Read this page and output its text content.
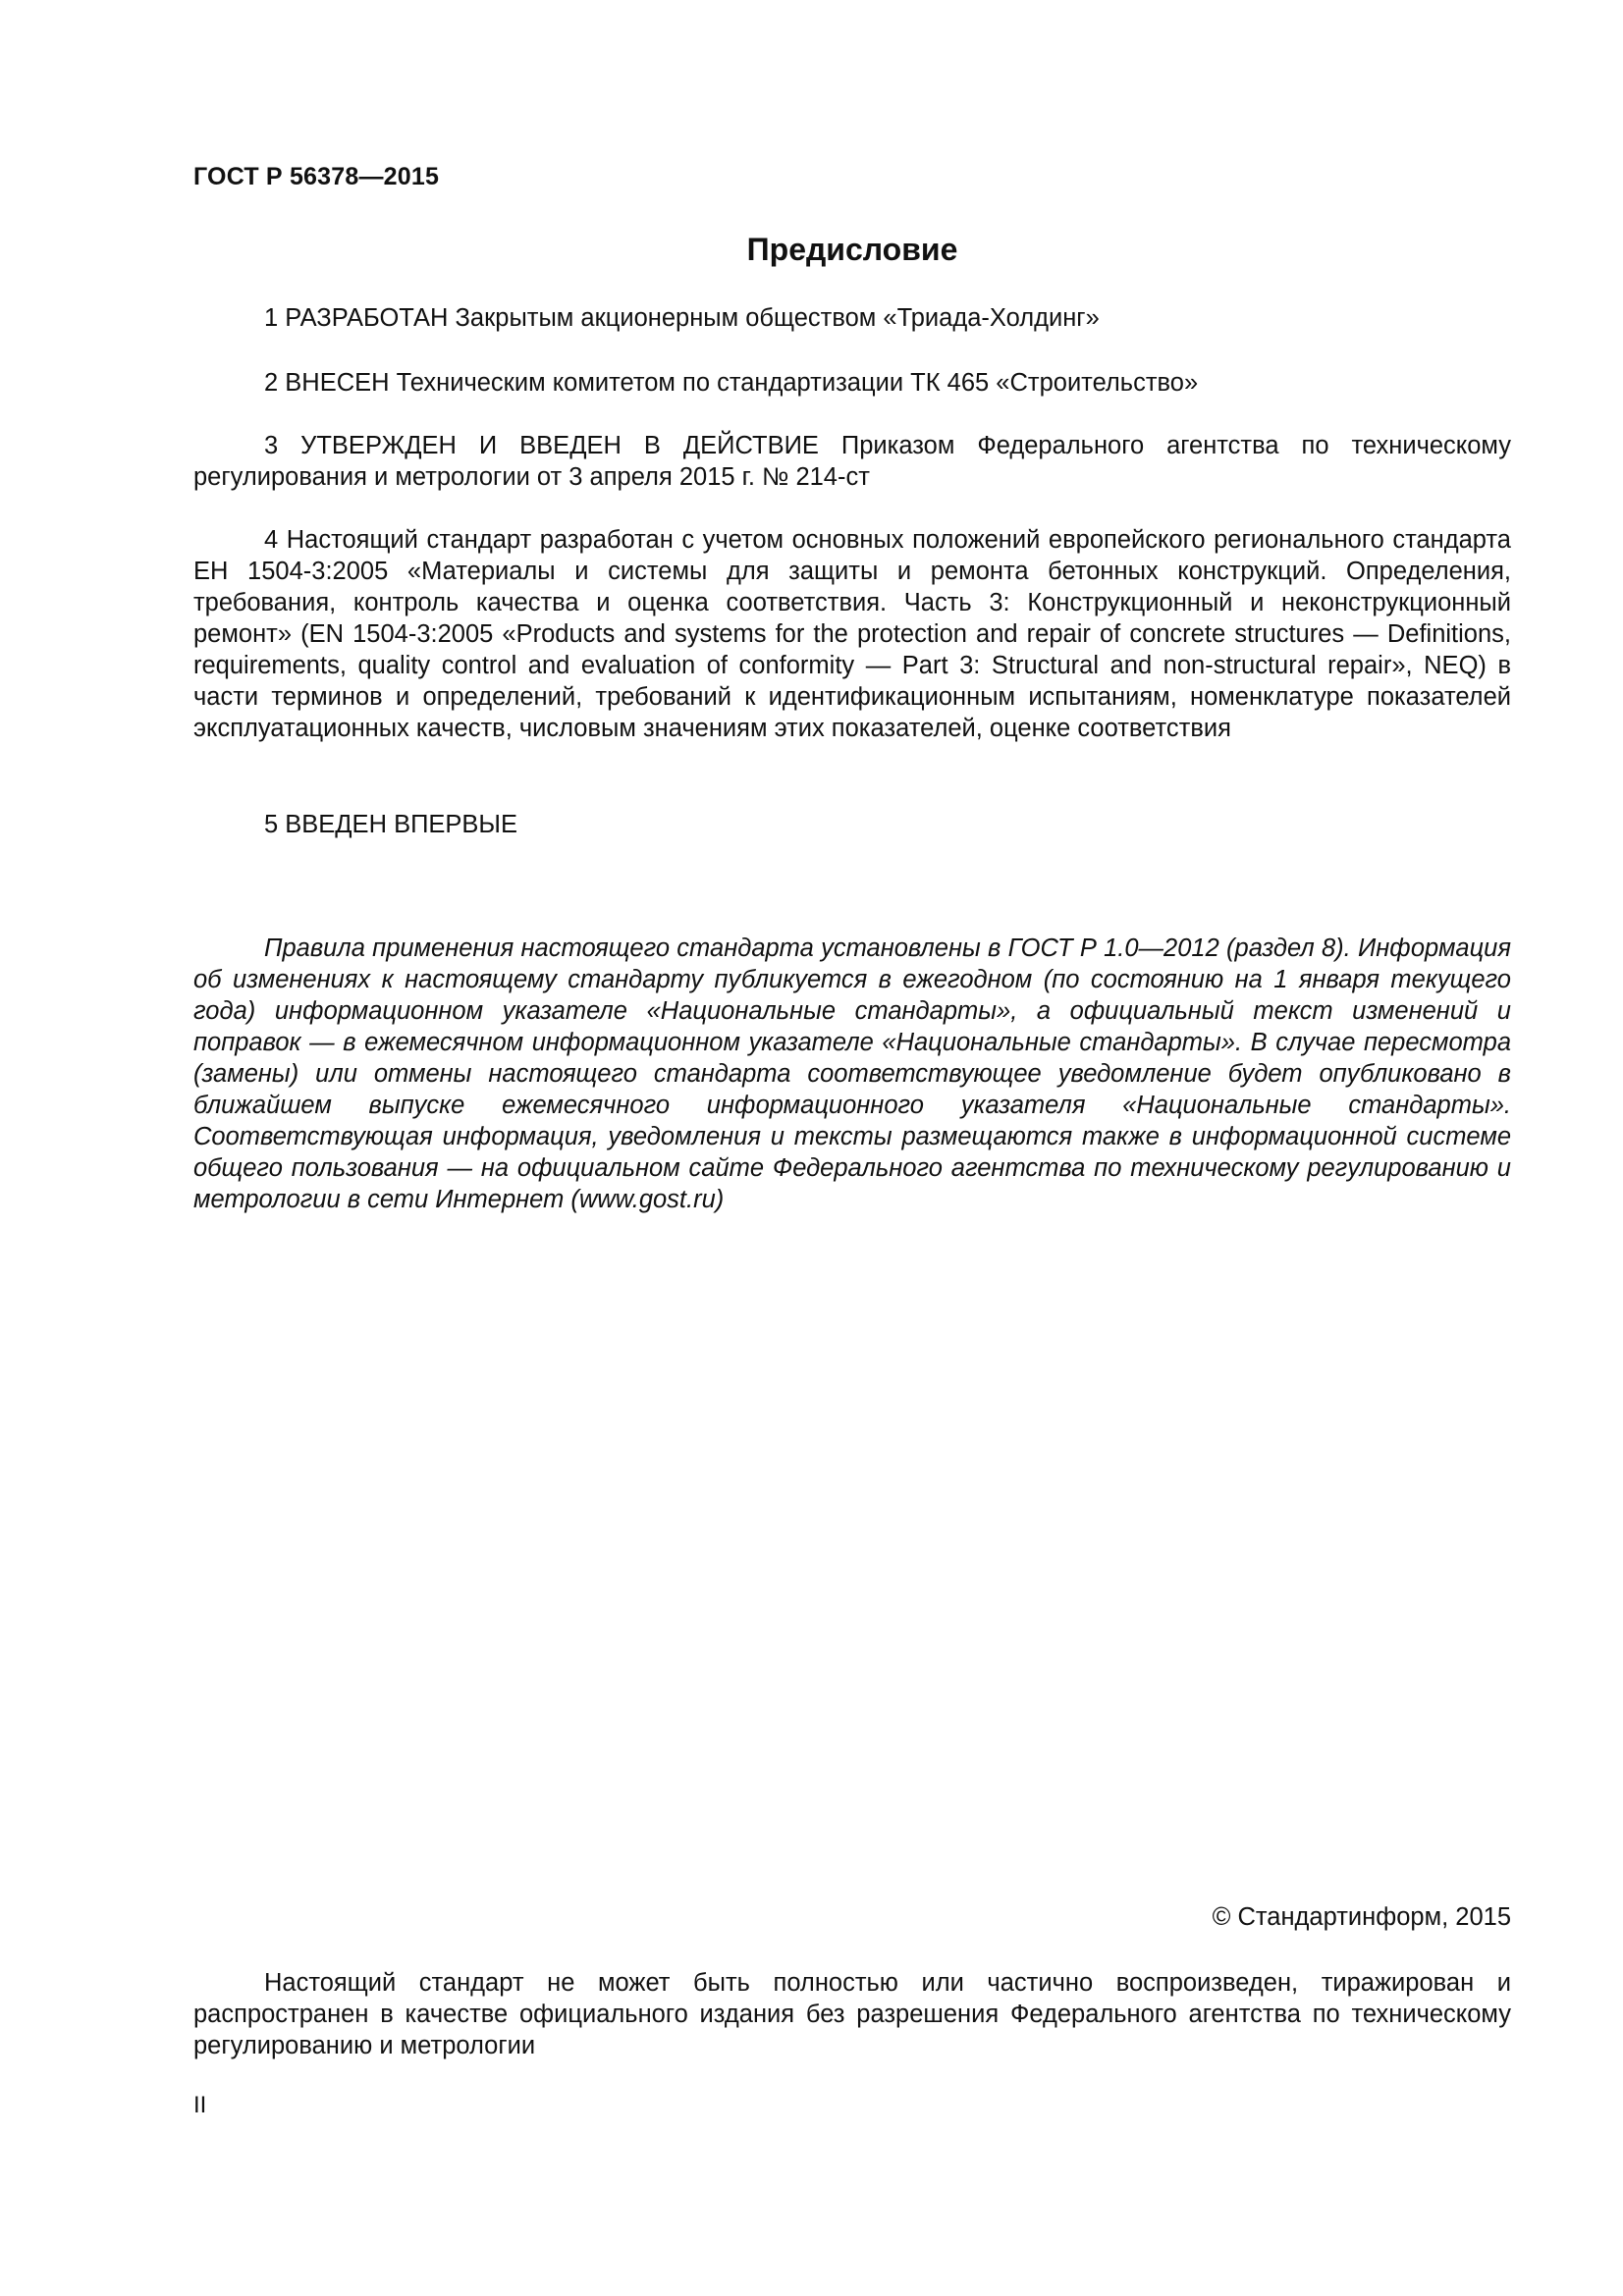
ГОСТ Р 56378—2015
Предисловие

1 РАЗРАБОТАН Закрытым акционерным обществом «Триада-Холдинг»

2 ВНЕСЕН Техническим комитетом по стандартизации ТК 465 «Строительство»

3 УТВЕРЖДЕН И ВВЕДЕН В ДЕЙСТВИЕ Приказом Федерального агентства по техническому регулирования и метрологии от 3 апреля 2015 г. № 214-ст

4 Настоящий стандарт разработан с учетом основных положений европейского регионального стандарта ЕН 1504-3:2005 «Материалы и системы для защиты и ремонта бетонных конструкций. Определения, требования, контроль качества и оценка соответствия. Часть 3: Конструкционный и неконструкционный ремонт» (EN 1504-3:2005 «Products and systems for the protection and repair of concrete structures — Definitions, requirements, quality control and evaluation of conformity — Part 3: Structural and non-structural repair», NEQ) в части терминов и определений, требований к идентификационным испытаниям, номенклатуре показателей эксплуатационных качеств, числовым значениям этих показателей, оценке соответствия

5 ВВЕДЕН ВПЕРВЫЕ

Правила применения настоящего стандарта установлены в ГОСТ Р 1.0—2012 (раздел 8). Информация об изменениях к настоящему стандарту публикуется в ежегодном (по состоянию на 1 января текущего года) информационном указателе «Национальные стандарты», а официальный текст изменений и поправок — в ежемесячном информационном указателе «Национальные стандарты». В случае пересмотра (замены) или отмены настоящего стандарта соответствующее уведомление будет опубликовано в ближайшем выпуске ежемесячного информационного указателя «Национальные стандарты». Соответствующая информация, уведомления и тексты размещаются также в информационной системе общего пользования — на официальном сайте Федерального агентства по техническому регулированию и метрологии в сети Интернет (www.gost.ru)

© Стандартинформ, 2015

Настоящий стандарт не может быть полностью или частично воспроизведен, тиражирован и распространен в качестве официального издания без разрешения Федерального агентства по техническому регулированию и метрологии

II
